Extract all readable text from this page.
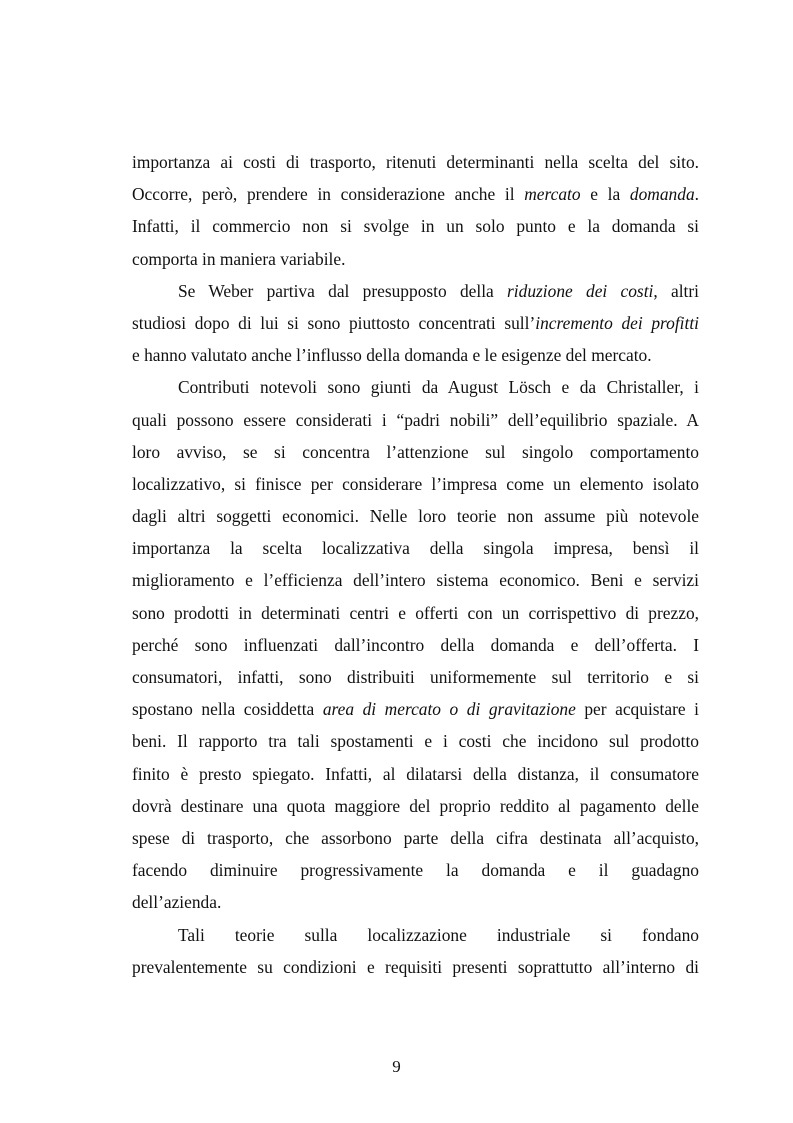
importanza ai costi di trasporto, ritenuti determinanti nella scelta del sito.
Occorre, però, prendere in considerazione anche il mercato e la domanda.
Infatti, il commercio non si svolge in un solo punto e la domanda si
comporta in maniera variabile.
Se Weber partiva dal presupposto della riduzione dei costi, altri
studiosi dopo di lui si sono piuttosto concentrati sull’incremento dei profitti
e hanno valutato anche l’influsso della domanda e le esigenze del mercato.
Contributi notevoli sono giunti da August Lösch e da Christaller, i
quali possono essere considerati i “padri nobili” dell’equilibrio spaziale. A
loro avviso, se si concentra l’attenzione sul singolo comportamento
localizzativo, si finisce per considerare l’impresa come un elemento isolato
dagli altri soggetti economici. Nelle loro teorie non assume più notevole
importanza la scelta localizzativa della singola impresa, bensì il
miglioramento e l’efficienza dell’intero sistema economico. Beni e servizi
sono prodotti in determinati centri e offerti con un corrispettivo di prezzo,
perché sono influenzati dall’incontro della domanda e dell’offerta. I
consumatori, infatti, sono distribuiti uniformemente sul territorio e si
spostano nella cosiddetta area di mercato o di gravitazione per acquistare i
beni. Il rapporto tra tali spostamenti e i costi che incidono sul prodotto
finito è presto spiegato. Infatti, al dilatarsi della distanza, il consumatore
dovrà destinare una quota maggiore del proprio reddito al pagamento delle
spese di trasporto, che assorbono parte della cifra destinata all’acquisto,
facendo diminuire progressivamente la domanda e il guadagno
dell’azienda.
Tali teorie sulla localizzazione industriale si fondano
prevalentemente su condizioni e requisiti presenti soprattutto all’interno di
9
